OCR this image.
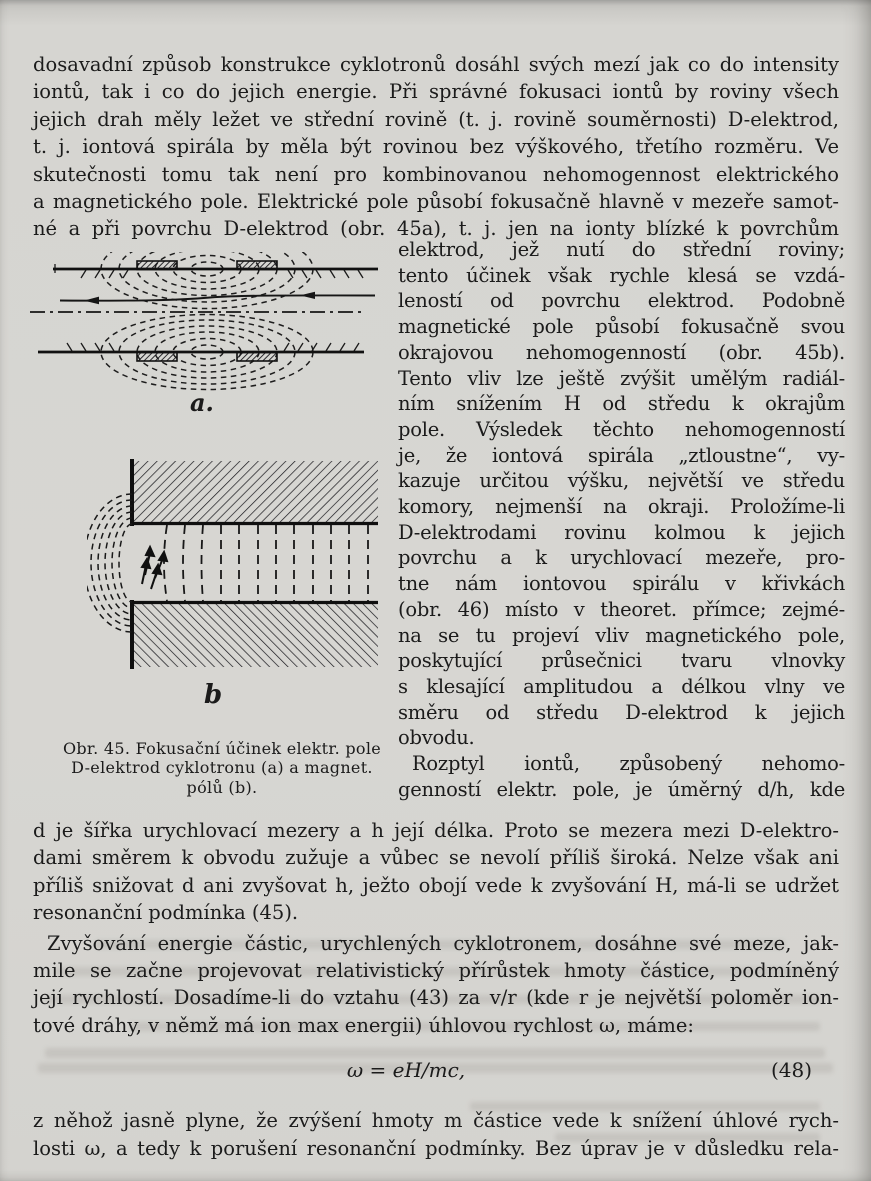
dosavadní způsob konstrukce cyklotronů dosáhl svých mezí jak co do intensity
iontů, tak i co do jejich energie. Při správné fokusaci iontů by roviny všech
jejich drah měly ležet ve střední rovině (t. j. rovině souměrnosti) D-elektrod,
t. j. iontová spirála by měla být rovinou bez výškového, třetího rozměru. Ve
skutečnosti tomu tak není pro kombinovanou nehomogennost elektrického
a magnetického pole. Elektrické pole působí fokusačně hlavně v mezeře samot-
né a při povrchu D-elektrod (obr. 45a), t. j. jen na ionty blízké k povrchům
a.
b
Obr. 45. Fokusační účinek elektr. pole
D-elektrod cyklotronu (a) a magnet.
pólů (b).
elektrod, jež nutí do střední roviny;
tento účinek však rychle klesá se vzdá-
leností od povrchu elektrod. Podobně
magnetické pole působí fokusačně svou
okrajovou nehomogenností (obr. 45b).
Tento vliv lze ještě zvýšit umělým radiál-
ním snížením H od středu k okrajům
pole. Výsledek těchto nehomogenností
je, že iontová spirála „ztloustne“, vy-
kazuje určitou výšku, největší ve středu
komory, nejmenší na okraji. Proložíme-li
D-elektrodami rovinu kolmou k jejich
povrchu a k urychlovací mezeře, pro-
tne nám iontovou spirálu v křivkách
(obr. 46) místo v theoret. přímce; zejmé-
na se tu projeví vliv magnetického pole,
poskytující průsečnici tvaru vlnovky
s klesající amplitudou a délkou vlny ve
směru od středu D-elektrod k jejich
obvodu.
Rozptyl iontů, způsobený nehomo-
genností elektr. pole, je úměrný d/h, kde
d je šířka urychlovací mezery a h její délka. Proto se mezera mezi D-elektro-
dami směrem k obvodu zužuje a vůbec se nevolí příliš široká. Nelze však ani
příliš snižovat d ani zvyšovat h, ježto obojí vede k zvyšování H, má-li se udržet
resonanční podmínka (45).
Zvyšování energie částic, urychlených cyklotronem, dosáhne své meze, jak-
mile se začne projevovat relativistický přírůstek hmoty částice, podmíněný
její rychlostí. Dosadíme-li do vztahu (43) za v/r (kde r je největší poloměr ion-
tové dráhy, v němž má ion max energii) úhlovou rychlost ω, máme:
ω = eH/mc,	(48)
z něhož jasně plyne, že zvýšení hmoty m částice vede k snížení úhlové rych-
losti ω, a tedy k porušení resonanční podmínky. Bez úprav je v důsledku rela-
